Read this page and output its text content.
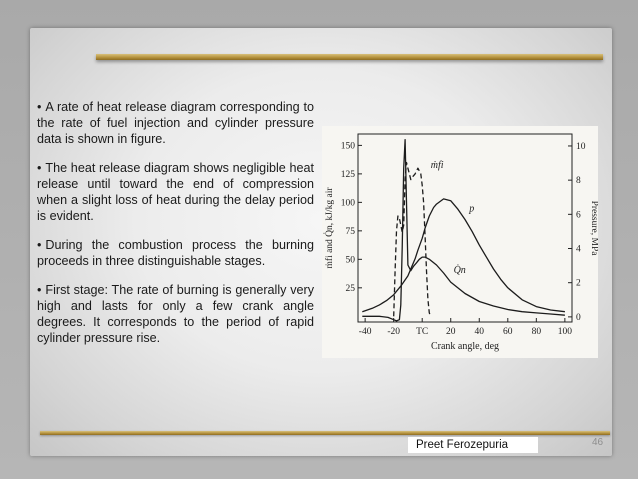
• A rate of heat release diagram corresponding to the rate of fuel injection and cylinder pressure data is shown in figure.

• The heat release diagram shows negligible heat release until toward the end of compression when a slight loss of heat during the delay period is evident.

• During the combustion process the burning proceeds in three distinguishable stages.

• First stage: The rate of burning is generally very high and lasts for only a few crank angle degrees. It corresponds to the period of rapid cylinder pressure rise.	-40 -20 TC 20 40 60 80 100
25
50
75
100
125
150
0
2
4
6
8
10
Crank angle, deg
ṁfi and Q̇n, kJ/kg air	Pressure, MPa
ṁfi
p
Q̇n
Preet Ferozepuria	46
